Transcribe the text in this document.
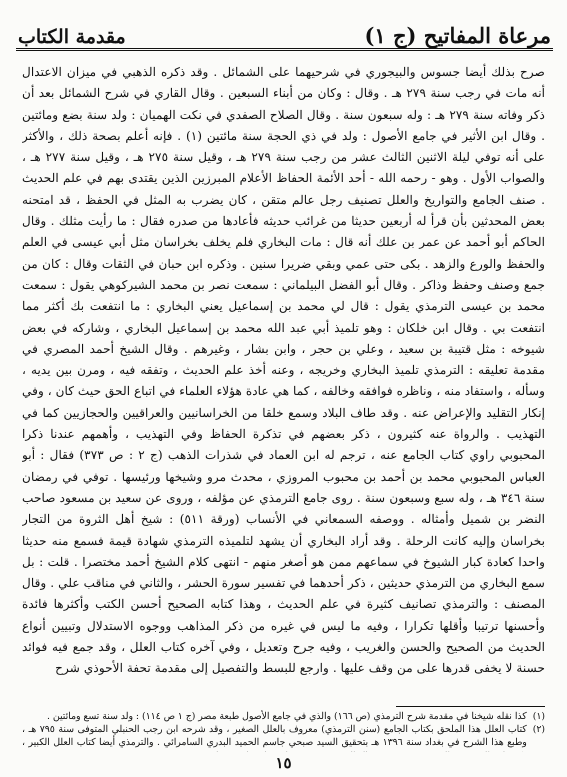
مرعاة المفاتيح (ج ١)
مقدمة الكتاب

صرح بذلك أيضا جسوس والبيجوري في شرحيهما على الشمائل . وقد ذكره الذهبي في ميزان الاعتدال أنه مات في رجب سنة ٢٧٩ هـ . وقال : وكان من أبناء السبعين . وقال القاري في شرح الشمائل بعد أن ذكر وفاته سنة ٢٧٩ هـ : وله سبعون سنة . وقال الصلاح الصفدي في نكت الهميان : ولد سنة بضع ومائتين . وقال ابن الأثير في جامع الأصول : ولد في ذي الحجة سنة مائتين (١) . فإنه أعلم بصحة ذلك ، والأكثر على أنه توفي ليلة الاثنين الثالث عشر من رجب سنة ٢٧٩ هـ ، وقيل سنة ٢٧٥ هـ ، وقيل سنة ٢٧٧ هـ ، والصواب الأول . وهو - رحمه الله - أحد الأئمة الحفاظ الأعلام المبرزين الذين يقتدى بهم في علم الحديث . صنف الجامع والتواريخ والعلل تصنيف رجل عالم متقن ، كان يضرب به المثل في الحفظ ، قد امتحنه بعض المحدثين بأن قرأ له أربعين حديثا من غرائب حديثه فأعادها من صدره فقال : ما رأيت مثلك . وقال الحاكم أبو أحمد عن عمر بن علك أنه قال : مات البخاري فلم يخلف بخراسان مثل أبي عيسى في العلم والحفظ والورع والزهد . بكى حتى عمي وبقي ضريرا سنين . وذكره ابن حبان في الثقات وقال : كان من جمع وصنف وحفظ وذاكر . وقال أبو الفضل البيلماني : سمعت نصر بن محمد الشيركوهي يقول : سمعت محمد بن عيسى الترمذي يقول : قال لي محمد بن إسماعيل يعني البخاري : ما انتفعت بك أكثر مما انتفعت بي . وقال ابن خلكان : وهو تلميذ أبي عبد الله محمد بن إسماعيل البخاري ، وشاركه في بعض شيوخه : مثل قتيبة بن سعيد ، وعلي بن حجر ، وابن بشار ، وغيرهم . وقال الشيخ أحمد المصري في مقدمة تعليقه : الترمذي تلميذ البخاري وخريجه ، وعنه أخذ علم الحديث ، وتفقه فيه ، ومرن بين يديه ، وسأله ، واستفاد منه ، وناظره فوافقه وخالفه ، كما هي عادة هؤلاء العلماء في اتباع الحق حيث كان ، وفي إنكار التقليد والإعراض عنه . وقد طاف البلاد وسمع خلقا من الخراسانيين والعراقيين والحجازيين كما في التهذيب . والرواة عنه كثيرون ، ذكر بعضهم في تذكرة الحفاظ وفي التهذيب ، وأهمهم عندنا ذكرا المحبوبي راوي كتاب الجامع عنه ، ترجم له ابن العماد في شذرات الذهب (ج ٢ : ص ٣٧٣) فقال : أبو العباس المحبوبي محمد بن أحمد بن محبوب المروزي ، محدث مرو وشيخها ورئيسها . توفي في رمضان سنة ٣٤٦ هـ ، وله سبع وسبعون سنة . روى جامع الترمذي عن مؤلفه ، وروى عن سعيد بن مسعود صاحب النضر بن شميل وأمثاله . ووصفه السمعاني في الأنساب (ورقة ٥١١) : شيخ أهل الثروة من التجار بخراسان وإليه كانت الرحلة . وقد أراد البخاري أن يشهد لتلميذه الترمذي شهادة قيمة فسمع منه حديثا واحدا كعادة كبار الشيوخ في سماعهم ممن هو أصغر منهم - انتهى كلام الشيخ أحمد مختصرا . قلت : بل سمع البخاري من الترمذي حديثين ، ذكر أحدهما في تفسير سورة الحشر ، والثاني في مناقب علي . وقال المصنف : والترمذي تصانيف كثيرة في علم الحديث ، وهذا كتابه الصحيح أحسن الكتب وأكثرها فائدة وأحسنها ترتيبا وأقلها تكرارا ، وفيه ما ليس في غيره من ذكر المذاهب ووجوه الاستدلال وتبيين أنواع الحديث من الصحيح والحسن والغريب ، وفيه جرح وتعديل ، وفي آخره كتاب العلل ، وقد جمع فيه فوائد حسنة لا يخفى قدرها على من وقف عليها . وارجع للبسط والتفصيل إلى مقدمة تحفة الأحوذي شرح

(١)
كذا نقله شيخنا في مقدمة شرح الترمذي (ص ١٦٦) والذي في جامع الأصول طبعة مصر (ج ١ ص ١١٤) : ولد سنة تسع ومائتين .
(٢)
كتاب العلل هذا الملحق بكتاب الجامع (سنن الترمذي) معروف بالعلل الصغير ، وقد شرحه ابن رجب الحنبلي المتوفى سنة ٧٩٥ هـ ، وطبع هذا الشرح في بغداد سنة ١٣٩٦ هـ بتحقيق السيد صبحي جاسم الحميد البدري السامرائي . والترمذي أيضا كتاب العلل الكبير ،
١٥
